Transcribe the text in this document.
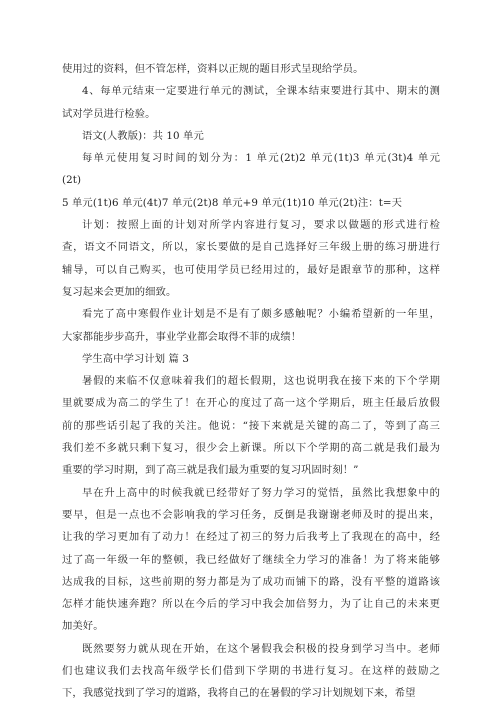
使用过的资料，但不管怎样，资料以正规的题目形式呈现给学员。
4、每单元结束一定要进行单元的测试，全课本结束要进行其中、期末的测
试对学员进行检验。
语文(人教版)：共 10 单元
每单元使用复习时间的划分为：1 单元(2t)2 单元(1t)3 单元(3t)4 单元
(2t)
5 单元(1t)6 单元(4t)7 单元(2t)8 单元+9 单元(1t)10 单元(2t)注：t=天
计划：按照上面的计划对所学内容进行复习，要求以做题的形式进行检
查，语文不同语文，所以，家长要做的是自己选择好三年级上册的练习册进行
辅导，可以自己购买，也可使用学员已经用过的，最好是跟章节的那种，这样
复习起来会更加的细致。
看完了高中寒假作业计划是不是有了颇多感触呢？小编希望新的一年里，
大家都能步步高升，事业学业都会取得不菲的成绩！
学生高中学习计划 篇 3
暑假的来临不仅意味着我们的超长假期，这也说明我在接下来的下个学期
里就要成为高二的学生了！在开心的度过了高一这个学期后，班主任最后放假
前的那些话引起了我的关注。他说：“接下来就是关键的高二了，等到了高三
我们差不多就只剩下复习，很少会上新课。所以下个学期的高二就是我们最为
重要的学习时期，到了高三就是我们最为重要的复习巩固时刻！”
早在升上高中的时候我就已经带好了努力学习的觉悟，虽然比我想象中的
要早，但是一点也不会影响我的学习任务，反倒是我谢谢老师及时的提出来，
让我的学习更加有了动力！在经过了初三的努力后我考上了我现在的高中，经
过了高一年级一年的整顿，我已经做好了继续全力学习的准备！为了将来能够
达成我的目标，这些前期的努力都是为了成功而铺下的路，没有平整的道路该
怎样才能快速奔跑？所以在今后的学习中我会加倍努力，为了让自己的未来更
加美好。
既然要努力就从现在开始，在这个暑假我会积极的投身到学习当中。老师
们也建议我们去找高年级学长们借到下学期的书进行复习。在这样的鼓励之
下，我感觉找到了学习的道路，我将自己的在暑假的学习计划规划下来，希望
